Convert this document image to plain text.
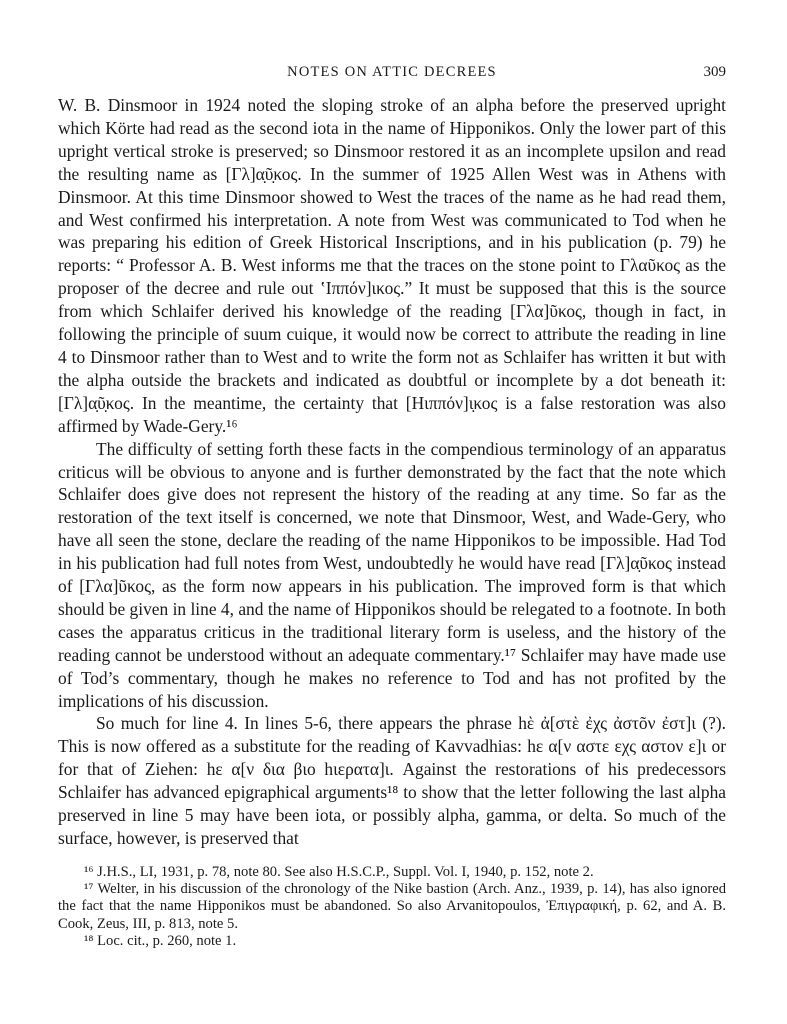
NOTES ON ATTIC DECREES	309

W. B. Dinsmoor in 1924 noted the sloping stroke of an alpha before the preserved upright which Körte had read as the second iota in the name of Hipponikos. Only the lower part of this upright vertical stroke is preserved; so Dinsmoor restored it as an incomplete upsilon and read the resulting name as [Γλ]α̣ῦ̣κος. In the summer of 1925 Allen West was in Athens with Dinsmoor. At this time Dinsmoor showed to West the traces of the name as he had read them, and West confirmed his interpretation. A note from West was communicated to Tod when he was preparing his edition of Greek Historical Inscriptions, and in his publication (p. 79) he reports: “ Professor A. B. West informs me that the traces on the stone point to Γλαῦκος as the proposer of the decree and rule out ʽΙππόν]ικος.” It must be supposed that this is the source from which Schlaifer derived his knowledge of the reading [Γλα]ῦκος, though in fact, in following the principle of suum cuique, it would now be correct to attribute the reading in line 4 to Dinsmoor rather than to West and to write the form not as Schlaifer has written it but with the alpha outside the brackets and indicated as doubtful or incomplete by a dot beneath it: [Γλ]α̣ῦ̣κος. In the meantime, the certainty that [Ηιππόν]ι̣κος is a false restoration was also affirmed by Wade-Gery.¹⁶

The difficulty of setting forth these facts in the compendious terminology of an apparatus criticus will be obvious to anyone and is further demonstrated by the fact that the note which Schlaifer does give does not represent the history of the reading at any time. So far as the restoration of the text itself is concerned, we note that Dinsmoor, West, and Wade-Gery, who have all seen the stone, declare the reading of the name Hipponikos to be impossible. Had Tod in his publication had full notes from West, undoubtedly he would have read [Γλ]α̣ῦκος instead of [Γλα]ῦκος, as the form now appears in his publication. The improved form is that which should be given in line 4, and the name of Hipponikos should be relegated to a footnote. In both cases the apparatus criticus in the traditional literary form is useless, and the history of the reading cannot be understood without an adequate commentary.¹⁷ Schlaifer may have made use of Tod’s commentary, though he makes no reference to Tod and has not profited by the implications of his discussion.

So much for line 4. In lines 5-6, there appears the phrase hὲ ἀ[στὲ ἐχς ἀστõν ἐστ]ι (?). This is now offered as a substitute for the reading of Kavvadhias: hε α[ν αστε εχς αστον ε]ι or for that of Ziehen: hε α[ν δια βιο hιερατα]ι. Against the restorations of his predecessors Schlaifer has advanced epigraphical arguments¹⁸ to show that the letter following the last alpha preserved in line 5 may have been iota, or possibly alpha, gamma, or delta. So much of the surface, however, is preserved that

¹⁶ J.H.S., LI, 1931, p. 78, note 80. See also H.S.C.P., Suppl. Vol. I, 1940, p. 152, note 2.

¹⁷ Welter, in his discussion of the chronology of the Nike bastion (Arch. Anz., 1939, p. 14), has also ignored the fact that the name Hipponikos must be abandoned. So also Arvanitopoulos, Ἐπιγραφική, p. 62, and A. B. Cook, Zeus, III, p. 813, note 5.

¹⁸ Loc. cit., p. 260, note 1.
